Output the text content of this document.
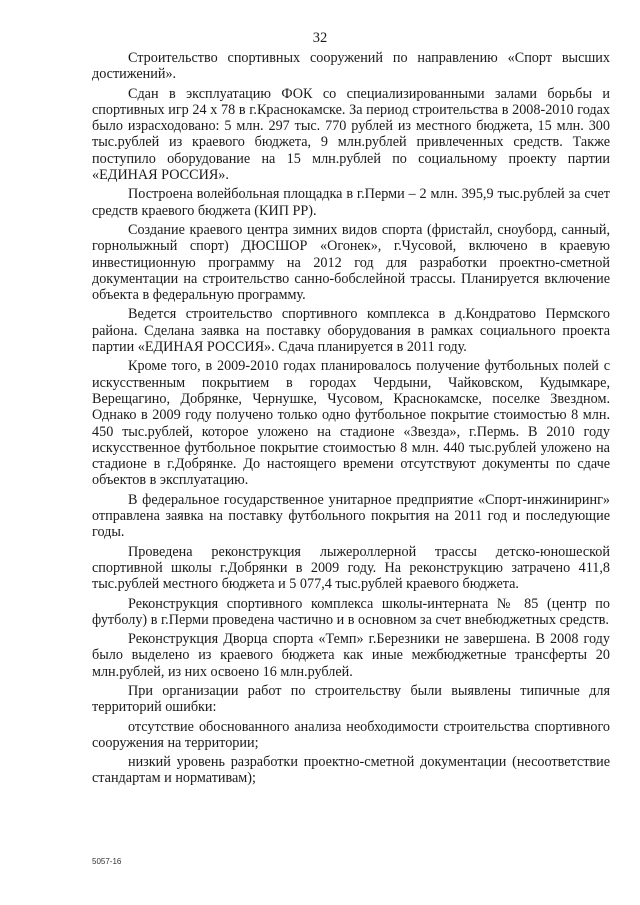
32

Строительство спортивных сооружений по направлению «Спорт высших достижений».

Сдан в эксплуатацию ФОК со специализированными залами борьбы и спортивных игр 24 х 78 в г.Краснокамске. За период строительства в 2008-2010 годах было израсходовано: 5 млн. 297 тыс. 770 рублей из местного бюджета, 15 млн. 300 тыс.рублей из краевого бюджета, 9 млн.рублей привлеченных средств. Также поступило оборудование на 15 млн.рублей по социальному проекту партии «ЕДИНАЯ РОССИЯ».

Построена волейбольная площадка в г.Перми – 2 млн. 395,9 тыс.рублей за счет средств краевого бюджета (КИП РР).

Создание краевого центра зимних видов спорта (фристайл, сноуборд, санный, горнолыжный спорт) ДЮСШОР «Огонек», г.Чусовой, включено в краевую инвестиционную программу на 2012 год для разработки проектно-сметной документации на строительство санно-бобслейной трассы. Планируется включение объекта в федеральную программу.

Ведется строительство спортивного комплекса в д.Кондратово Пермского района. Сделана заявка на поставку оборудования в рамках социального проекта партии «ЕДИНАЯ РОССИЯ». Сдача планируется в 2011 году.

Кроме того, в 2009-2010 годах планировалось получение футбольных полей с искусственным покрытием в городах Чердыни, Чайковском, Кудымкаре, Верещагино, Добрянке, Чернушке, Чусовом, Краснокамске, поселке Звездном. Однако в 2009 году получено только одно футбольное покрытие стоимостью 8 млн. 450 тыс.рублей, которое уложено на стадионе «Звезда», г.Пермь. В 2010 году искусственное футбольное покрытие стоимостью 8 млн. 440 тыс.рублей уложено на стадионе в г.Добрянке. До настоящего времени отсутствуют документы по сдаче объектов в эксплуатацию.

В федеральное государственное унитарное предприятие «Спорт-инжиниринг» отправлена заявка на поставку футбольного покрытия на 2011 год и последующие годы.

Проведена реконструкция лыжероллерной трассы детско-юношеской спортивной школы г.Добрянки в 2009 году. На реконструкцию затрачено 411,8 тыс.рублей местного бюджета и 5 077,4 тыс.рублей краевого бюджета.

Реконструкция спортивного комплекса школы-интерната № 85 (центр по футболу) в г.Перми проведена частично и в основном за счет внебюджетных средств.

Реконструкция Дворца спорта «Темп» г.Березники не завершена. В 2008 году было выделено из краевого бюджета как иные межбюджетные трансферты 20 млн.рублей, из них освоено 16 млн.рублей.

При организации работ по строительству были выявлены типичные для территорий ошибки:

отсутствие обоснованного анализа необходимости строительства спортивного сооружения на территории;

низкий уровень разработки проектно-сметной документации (несоответствие стандартам и нормативам);

5057-16
